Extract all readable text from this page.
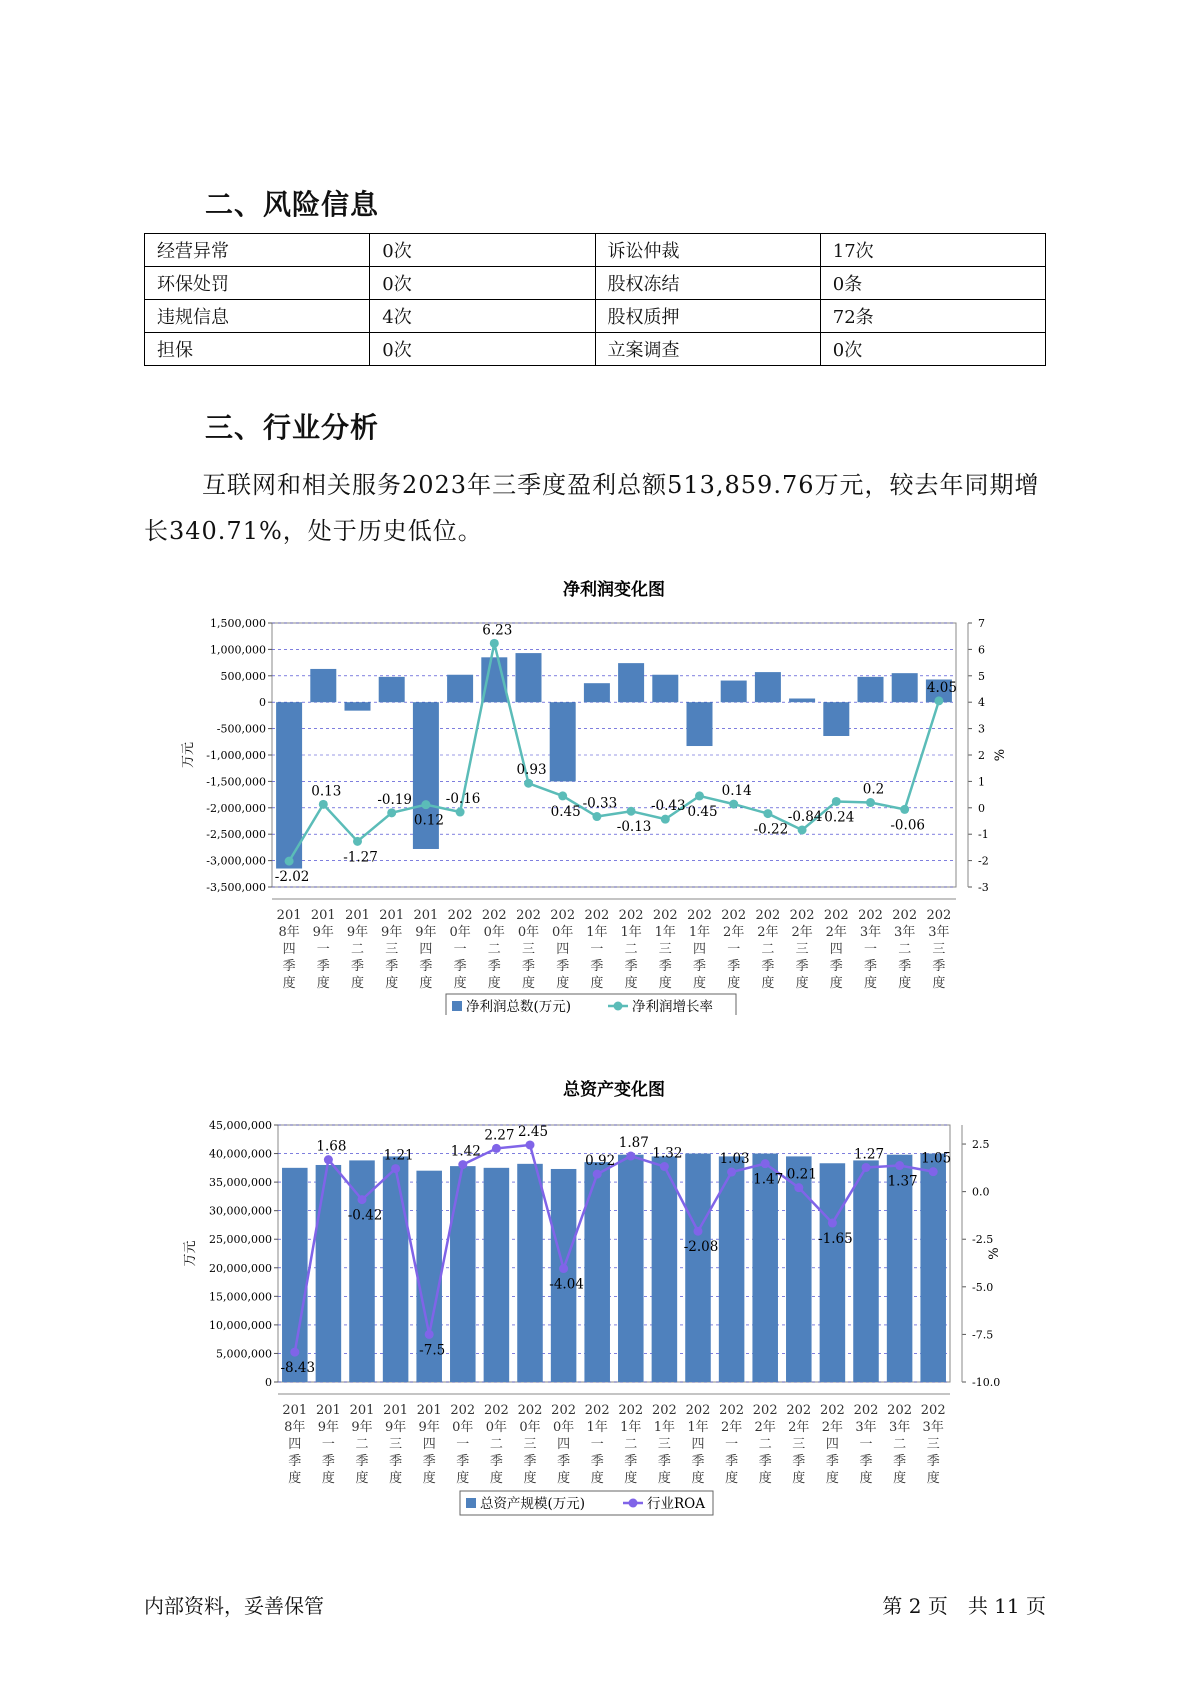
二、风险信息
经营异常	0次	诉讼仲裁	17次
环保处罚	0次	股权冻结	0条
违规信息	4次	股权质押	72条
担保	0次	立案调查	0次
三、行业分析

互联网和相关服务2023年三季度盈利总额513,859.76万元，较去年同期增长340.71%，处于历史低位。

净利润变化图
1,500,000
1,000,000
500,000
0
-500,000
-1,000,000
-1,500,000
-2,000,000
-2,500,000
-3,000,000
-3,500,000
7
6
5
4
3
2
1
0
-1
-2
-3
万元	%
-2.02
0.13
-1.27
-0.19
0.12
-0.16
6.23
0.93
0.45
-0.33
-0.13
-0.43 0.45
0.14
-0.22
-0.84 0.24
0.2
-0.06
4.05
201
8年
四
季
度
201
9年
一
季
度
201
9年
二
季
度
201
9年
三
季
度
201
9年
四
季
度
202
0年
一
季
度
202
0年
二
季
度
202
0年
三
季
度
202
0年
四
季
度
202
1年
一
季
度
202
1年
二
季
度
202
1年
三
季
度
202
1年
四
季
度
202
2年
一
季
度
202
2年
二
季
度
202
2年
三
季
度
202
2年
四
季
度
202
3年
一
季
度
202
3年
二
季
度
202
3年
三
季
度
净利润总数(万元)	净利润增长率
总资产变化图
45,000,000
40,000,000
35,000,000
30,000,000
25,000,000
20,000,000
15,000,000
10,000,000
5,000,000
0
2.5
0.0
-2.5
-5.0
-7.5
-10.0
万元	%
-8.43
1.68
-0.42
1.21
-7.5
1.42
2.27 2.45
-4.04
0.92
1.87
1.32
-2.08
1.03
1.47 0.21
-1.65
1.27
1.37
1.05
201
8年
四
季
度
201
9年
一
季
度
201
9年
二
季
度
201
9年
三
季
度
201
9年
四
季
度
202
0年
一
季
度
202
0年
二
季
度
202
0年
三
季
度
202
0年
四
季
度
202
1年
一
季
度
202
1年
二
季
度
202
1年
三
季
度
202
1年
四
季
度
202
2年
一
季
度
202
2年
二
季
度
202
2年
三
季
度
202
2年
四
季
度
202
3年
一
季
度
202
3年
二
季
度
202
3年
三
季
度
总资产规模(万元)	行业ROA
内部资料，妥善保管	第 2 页　共 11 页
